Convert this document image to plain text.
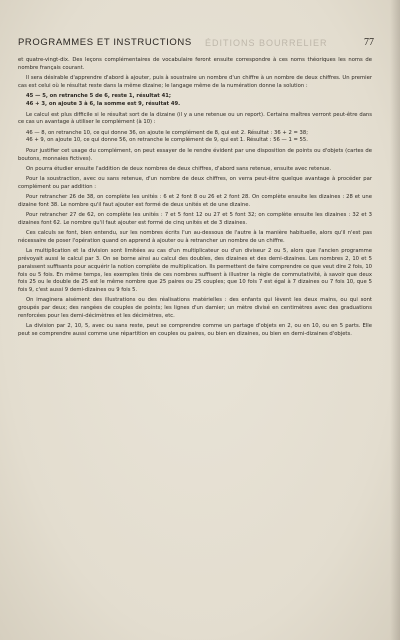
PROGRAMMES ET INSTRUCTIONS	77
ÉDITIONS BOURRELIER

et quatre-vingt-dix. Des leçons complémentaires de vocabulaire feront ensuite correspondre à ces noms théoriques les noms de nombre français courant.

Il sera désirable d'apprendre d'abord à ajouter, puis à soustraire un nombre d'un chiffre à un nombre de deux chiffres. Un premier cas est celui où le résultat reste dans la même dizaine; le langage même de la numération donne la solution :

45 — 5, on retranche 5 de 6, reste 1, résultat 41;

46 + 3, on ajoute 3 à 6, la somme est 9, résultat 49.

Le calcul est plus difficile si le résultat sort de la dizaine (il y a une retenue ou un report). Certains maîtres verront peut-être dans ce cas un avantage à utiliser le complément (à 10) :

46 — 8, on retranche 10, ce qui donne 36, on ajoute le complément de 8, qui est 2. Résultat : 36 + 2 = 38;

46 + 9, on ajoute 10, ce qui donne 56, on retranche le complément de 9, qui est 1. Résultat : 56 — 1 = 55.

Pour justifier cet usage du complément, on peut essayer de le rendre évident par une disposition de points ou d'objets (cartes de boutons, monnaies fictives).

On pourra étudier ensuite l'addition de deux nombres de deux chiffres, d'abord sans retenue, ensuite avec retenue.

Pour la soustraction, avec ou sans retenue, d'un nombre de deux chiffres, on verra peut-être quelque avantage à procéder par complément ou par addition :

Pour retrancher 26 de 38, on complète les unités : 6 et 2 font 8 ou 26 et 2 font 28. On complète ensuite les dizaines : 28 et une dizaine font 38. Le nombre qu'il faut ajouter est formé de deux unités et de une dizaine.

Pour retrancher 27 de 62, on complète les unités : 7 et 5 font 12 ou 27 et 5 font 32; on complète ensuite les dizaines : 32 et 3 dizaines font 62. Le nombre qu'il faut ajouter est formé de cinq unités et de 3 dizaines.

Ces calculs se font, bien entendu, sur les nombres écrits l'un au-dessous de l'autre à la manière habituelle, alors qu'il n'est pas nécessaire de poser l'opération quand on apprend à ajouter ou à retrancher un nombre de un chiffre.

La multiplication et la division sont limitées au cas d'un multiplicateur ou d'un diviseur 2 ou 5, alors que l'ancien programme prévoyait aussi le calcul par 3. On se borne ainsi au calcul des doubles, des dizaines et des demi-dizaines. Les nombres 2, 10 et 5 paraissent suffisants pour acquérir la notion complète de multiplication. Ils permettent de faire comprendre ce que veut dire 2 fois, 10 fois ou 5 fois. En même temps, les exemples tirés de ces nombres suffisent à illustrer la règle de commutativité, à savoir que deux fois 25 ou le double de 25 est le même nombre que 25 paires ou 25 couples; que 10 fois 7 est égal à 7 dizaines ou 7 fois 10, que 5 fois 9, c'est aussi 9 demi-dizaines ou 9 fois 5.

On imaginera aisément des illustrations ou des réalisations matérielles : des enfants qui lèvent les deux mains, ou qui sont groupés par deux; des rangées de couples de points; les lignes d'un damier; un mètre divisé en centimètres avec des graduations renforcées pour les demi-décimètres et les décimètres, etc.

La division par 2, 10, 5, avec ou sans reste, peut se comprendre comme un partage d'objets en 2, ou en 10, ou en 5 parts. Elle peut se comprendre aussi comme une répartition en couples ou paires, ou bien en dizaines, ou bien en demi-dizaines d'objets.
